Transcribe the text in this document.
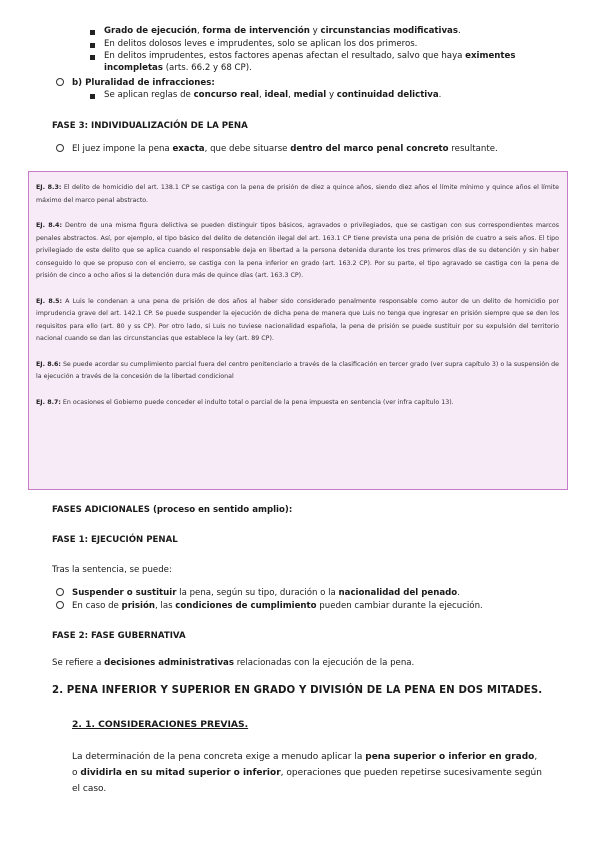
Grado de ejecución, forma de intervención y circunstancias modificativas.
En delitos dolosos leves e imprudentes, solo se aplican los dos primeros.
En delitos imprudentes, estos factores apenas afectan el resultado, salvo que haya eximentes incompletas (arts. 66.2 y 68 CP).
b) Pluralidad de infracciones:
Se aplican reglas de concurso real, ideal, medial y continuidad delictiva.
FASE 3: INDIVIDUALIZACIÓN DE LA PENA
El juez impone la pena exacta, que debe situarse dentro del marco penal concreto resultante.
EJ. 8.3: El delito de homicidio del art. 138.1 CP se castiga con la pena de prisión de diez a quince años, siendo diez años el límite mínimo y quince años el límite máximo del marco penal abstracto.
EJ. 8.4: Dentro de una misma figura delictiva se pueden distinguir tipos básicos, agravados o privilegiados, que se castigan con sus correspondientes marcos penales abstractos. Así, por ejemplo, el tipo básico del delito de detención ilegal del art. 163.1 CP tiene prevista una pena de prisión de cuatro a seis años. El tipo privilegiado de este delito que se aplica cuando el responsable deja en libertad a la persona detenida durante los tres primeros días de su detención y sin haber conseguido lo que se propuso con el encierro, se castiga con la pena inferior en grado (art. 163.2 CP). Por su parte, el tipo agravado se castiga con la pena de prisión de cinco a ocho años si la detención dura más de quince días (art. 163.3 CP).
EJ. 8.5: A Luis le condenan a una pena de prisión de dos años al haber sido considerado penalmente responsable como autor de un delito de homicidio por imprudencia grave del art. 142.1 CP. Se puede suspender la ejecución de dicha pena de manera que Luis no tenga que ingresar en prisión siempre que se den los requisitos para ello (art. 80 y ss CP). Por otro lado, si Luis no tuviese nacionalidad española, la pena de prisión se puede sustituir por su expulsión del territorio nacional cuando se dan las circunstancias que establece la ley (art. 89 CP).
EJ. 8.6: Se puede acordar su cumplimiento parcial fuera del centro penitenciario a través de la clasificación en tercer grado (ver supra capítulo 3) o la suspensión de la ejecución a través de la concesión de la libertad condicional
EJ. 8.7: En ocasiones el Gobierno puede conceder el indulto total o parcial de la pena impuesta en sentencia (ver infra capítulo 13).
FASES ADICIONALES (proceso en sentido amplio):
FASE 1: EJECUCIÓN PENAL
Tras la sentencia, se puede:
Suspender o sustituir la pena, según su tipo, duración o la nacionalidad del penado.
En caso de prisión, las condiciones de cumplimiento pueden cambiar durante la ejecución.
FASE 2: FASE GUBERNATIVA
Se refiere a decisiones administrativas relacionadas con la ejecución de la pena.
2. PENA INFERIOR Y SUPERIOR EN GRADO Y DIVISIÓN DE LA PENA EN DOS MITADES.
2. 1. CONSIDERACIONES PREVIAS.
La determinación de la pena concreta exige a menudo aplicar la pena superior o inferior en grado, o dividirla en su mitad superior o inferior, operaciones que pueden repetirse sucesivamente según el caso.
